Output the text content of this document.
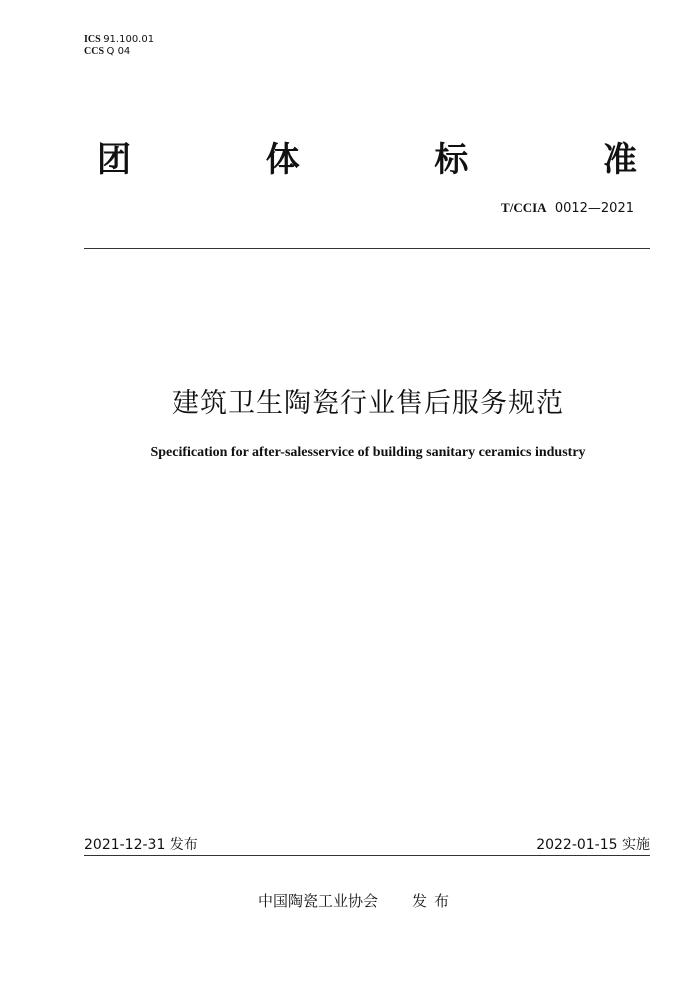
ICS 91.100.01
CCS Q 04
团	体	标	准
T/CCIA 0012—2021
建筑卫生陶瓷行业售后服务规范
Specification for after-salesservice of building sanitary ceramics industry
2021-12-31 发布	2022-01-15 实施
中国陶瓷工业协会 发布
